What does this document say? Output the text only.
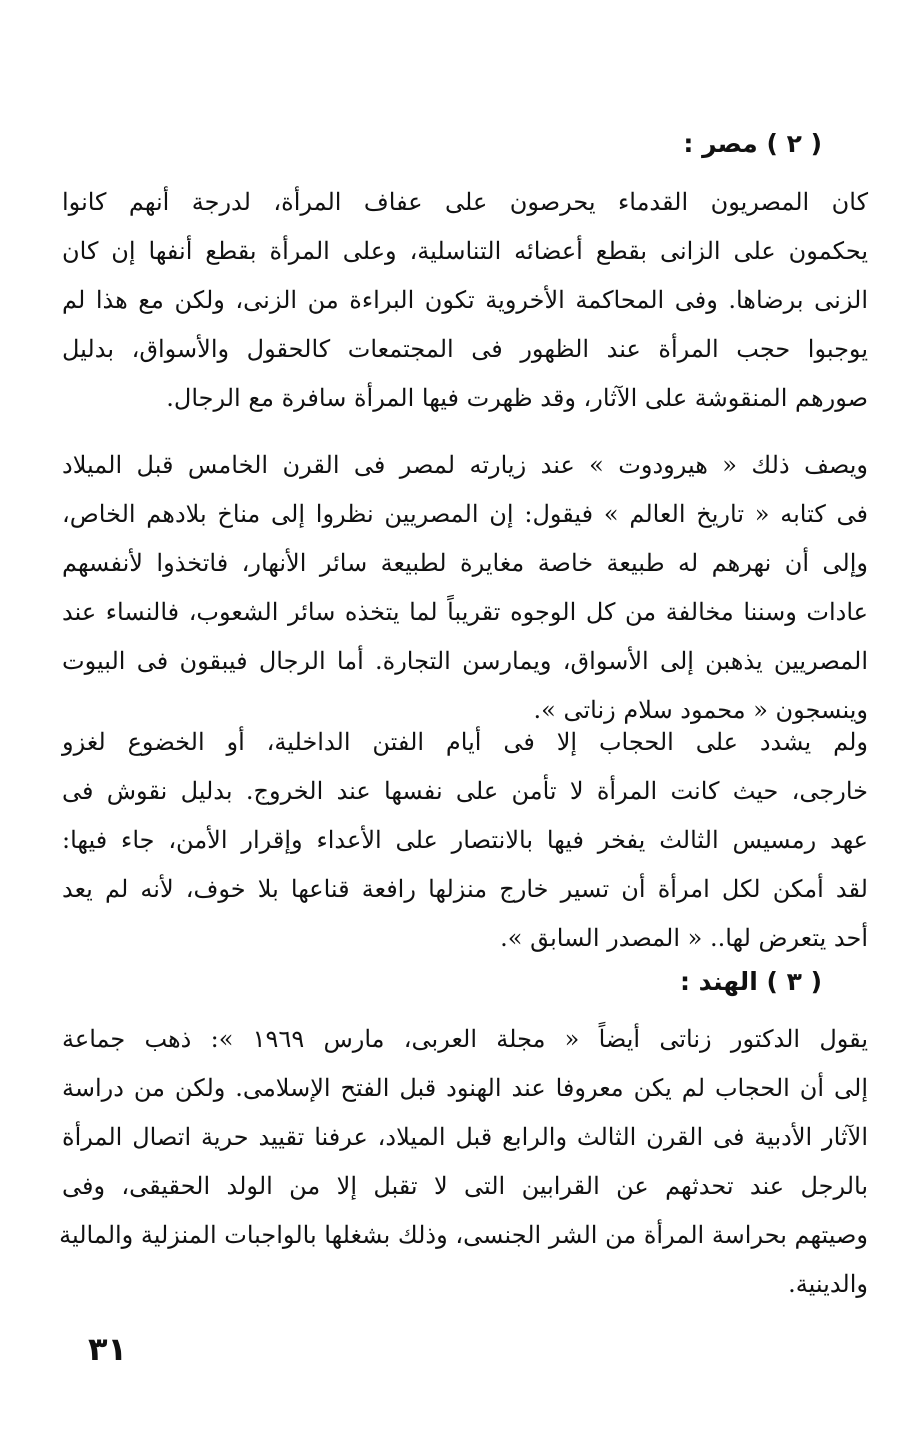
( ٢ ) مصر :
كان المصريون القدماء يحرصون على عفاف المرأة، لدرجة أنهم كانوا
يحكمون على الزانى بقطع أعضائه التناسلية، وعلى المرأة بقطع أنفها إن كان
الزنى برضاها. وفى المحاكمة الأخروية تكون البراءة من الزنى، ولكن مع هذا لم
يوجبوا حجب المرأة عند الظهور فى المجتمعات كالحقول والأسواق، بدليل
صورهم المنقوشة على الآثار، وقد ظهرت فيها المرأة سافرة مع الرجال.
ويصف ذلك « هيرودوت » عند زيارته لمصر فى القرن الخامس قبل الميلاد
فى كتابه « تاريخ العالم » فيقول: إن المصريين نظروا إلى مناخ بلادهم الخاص،
وإلى أن نهرهم له طبيعة خاصة مغايرة لطبيعة سائر الأنهار، فاتخذوا لأنفسهم
عادات وسننا مخالفة من كل الوجوه تقريباً لما يتخذه سائر الشعوب، فالنساء عند
المصريين يذهبن إلى الأسواق، ويمارسن التجارة. أما الرجال فيبقون فى البيوت
وينسجون « محمود سلام زناتى ».
ولم يشدد على الحجاب إلا فى أيام الفتن الداخلية، أو الخضوع لغزو
خارجى، حيث كانت المرأة لا تأمن على نفسها عند الخروج. بدليل نقوش فى
عهد رمسيس الثالث يفخر فيها بالانتصار على الأعداء وإقرار الأمن، جاء فيها:
لقد أمكن لكل امرأة أن تسير خارج منزلها رافعة قناعها بلا خوف، لأنه لم يعد
أحد يتعرض لها.. « المصدر السابق ».
( ٣ ) الهند :
يقول الدكتور زناتى أيضاً « مجلة العربى، مارس ١٩٦٩ »: ذهب جماعة
إلى أن الحجاب لم يكن معروفا عند الهنود قبل الفتح الإسلامى. ولكن من دراسة
الآثار الأدبية فى القرن الثالث والرابع قبل الميلاد، عرفنا تقييد حرية اتصال المرأة
بالرجل عند تحدثهم عن القرابين التى لا تقبل إلا من الولد الحقيقى، وفى
وصيتهم بحراسة المرأة من الشر الجنسى، وذلك بشغلها بالواجبات المنزلية والمالية
والدينية.
٣١
